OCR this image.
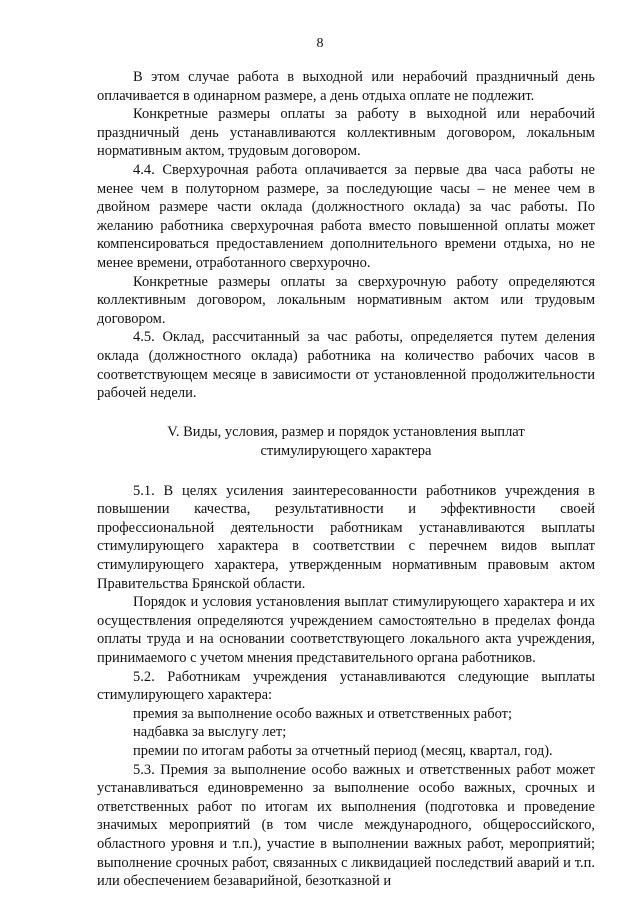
8

В этом случае работа в выходной или нерабочий праздничный день оплачивается в одинарном размере, а день отдыха оплате не подлежит.

Конкретные размеры оплаты за работу в выходной или нерабочий праздничный день устанавливаются коллективным договором, локальным нормативным актом, трудовым договором.

4.4. Сверхурочная работа оплачивается за первые два часа работы не менее чем в полуторном размере, за последующие часы – не менее чем в двойном размере части оклада (должностного оклада) за час работы. По желанию работника сверхурочная работа вместо повышенной оплаты может компенсироваться предоставлением дополнительного времени отдыха, но не менее времени, отработанного сверхурочно.

Конкретные размеры оплаты за сверхурочную работу определяются коллективным договором, локальным нормативным актом или трудовым договором.

4.5. Оклад, рассчитанный за час работы, определяется путем деления оклада (должностного оклада) работника на количество рабочих часов в соответствующем месяце в зависимости от установленной продолжительности рабочей недели.

V. Виды, условия, размер и порядок установления выплат
стимулирующего характера

5.1. В целях усиления заинтересованности работников учреждения в повышении качества, результативности и эффективности своей профессиональной деятельности работникам устанавливаются выплаты стимулирующего характера в соответствии с перечнем видов выплат стимулирующего характера, утвержденным нормативным правовым актом Правительства Брянской области.

Порядок и условия установления выплат стимулирующего характера и их осуществления определяются учреждением самостоятельно в пределах фонда оплаты труда и на основании соответствующего локального акта учреждения, принимаемого с учетом мнения представительного органа работников.

5.2. Работникам учреждения устанавливаются следующие выплаты стимулирующего характера:

премия за выполнение особо важных и ответственных работ;

надбавка за выслугу лет;

премии по итогам работы за отчетный период (месяц, квартал, год).

5.3. Премия за выполнение особо важных и ответственных работ может устанавливаться единовременно за выполнение особо важных, срочных и ответственных работ по итогам их выполнения (подготовка и проведение значимых мероприятий (в том числе международного, общероссийского, областного уровня и т.п.), участие в выполнении важных работ, мероприятий; выполнение срочных работ, связанных с ликвидацией последствий аварий и т.п. или обеспечением безаварийной, безотказной и
